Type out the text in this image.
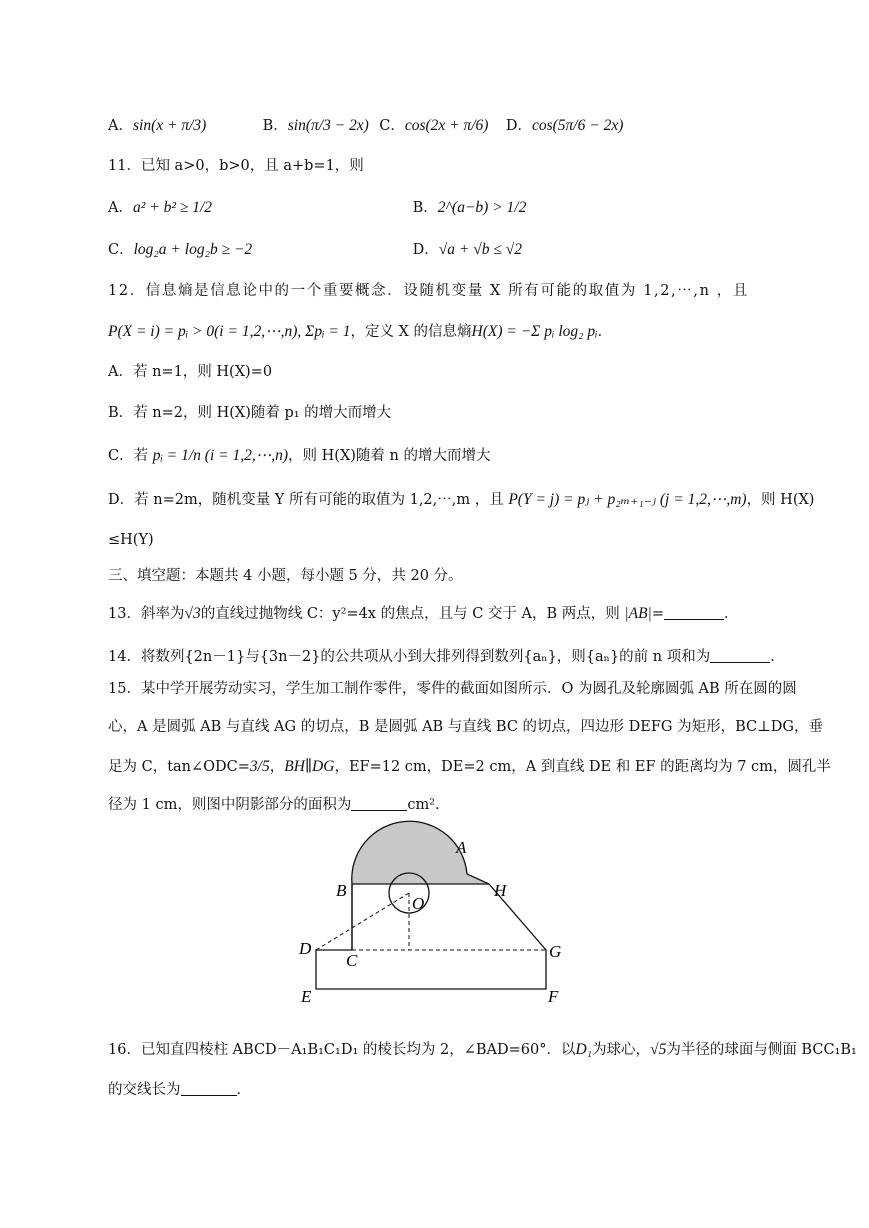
A．sin(x + π/3)	B．sin(π/3 − 2x) C．cos(2x + π/6) D．cos(5π/6 − 2x)
11．已知 a>0，b>0，且 a+b=1，则
A．a² + b² ≥ 1/2	B．2^(a−b) > 1/2
C．log₂a + log₂b ≥ −2	D．√a + √b ≤ √2
12．信息熵是信息论中的一个重要概念．设随机变量 X 所有可能的取值为 1,2,⋯,n ，且
P(X = i) = pᵢ > 0(i = 1,2,⋯,n), Σpᵢ = 1，定义 X 的信息熵H(X) = −Σ pᵢ log₂ pᵢ．
A．若 n=1，则 H(X)=0
B．若 n=2，则 H(X)随着 p₁ 的增大而增大
C．若 pᵢ = 1/n (i = 1,2,⋯,n)，则 H(X)随着 n 的增大而增大
D．若 n=2m，随机变量 Y 所有可能的取值为 1,2,⋯,m ，且 P(Y = j) = pⱼ + p₂ₘ₊₁₋ⱼ (j = 1,2,⋯,m)，则 H(X)
≤H(Y)
三、填空题：本题共 4 小题，每小题 5 分，共 20 分。
13．斜率为√3的直线过抛物线 C：y²=4x 的焦点，且与 C 交于 A，B 两点，则 |AB|=	．
14．将数列{2n－1}与{3n－2}的公共项从小到大排列得到数列{aₙ}，则{aₙ}的前 n 项和为	．
15．某中学开展劳动实习，学生加工制作零件，零件的截面如图所示．O 为圆孔及轮廓圆弧 AB 所在圆的圆
心，A 是圆弧 AB 与直线 AG 的切点，B 是圆弧 AB 与直线 BC 的切点，四边形 DEFG 为矩形，BC⊥DG，垂
足为 C，tan∠ODC=3/5，BH∥DG，EF=12 cm，DE=2 cm，A 到直线 DE 和 EF 的距离均为 7 cm，圆孔半
径为 1 cm，则图中阴影部分的面积为	cm².
A
B	H
O
D
C	G
E	F
16．已知直四棱柱 ABCD－A₁B₁C₁D₁ 的棱长均为 2，∠BAD=60°．以D₁为球心，√5为半径的球面与侧面 BCC₁B₁
的交线长为	．
